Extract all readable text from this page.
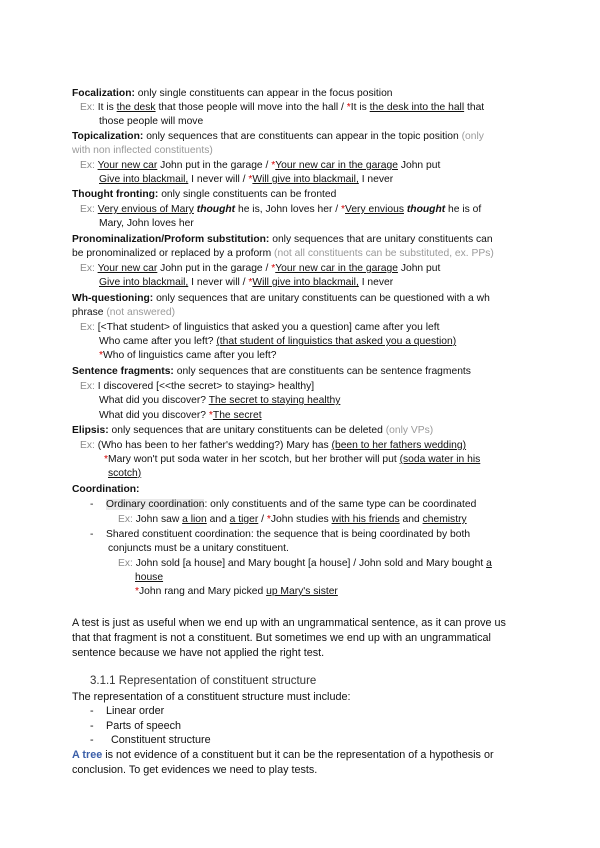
Focalization: only single constituents can appear in the focus position
Ex: It is the desk that those people will move into the hall / *It is the desk into the hall that
those people will move
Topicalization: only sequences that are constituents can appear in the topic position (only
with non inflected constituents)
Ex: Your new car John put in the garage / *Your new car in the garage John put
Give into blackmail, I never will / *Will give into blackmail, I never
Thought fronting: only single constituents can be fronted
Ex: Very envious of Mary thought he is, John loves her / *Very envious thought he is of
Mary, John loves her
Pronominalization/Proform substitution: only sequences that are unitary constituents can
be pronominalized or replaced by a proform (not all constituents can be substituted, ex. PPs)
Ex: Your new car John put in the garage / *Your new car in the garage John put
Give into blackmail, I never will / *Will give into blackmail, I never
Wh-questioning: only sequences that are unitary constituents can be questioned with a wh
phrase (not answered)
Ex: [<That student> of linguistics that asked you a question] came after you left
Who came after you left? (that student of linguistics that asked you a question)
*Who of linguistics came after you left?
Sentence fragments: only sequences that are constituents can be sentence fragments
Ex: I discovered [<<the secret> to staying> healthy]
What did you discover? The secret to staying healthy
What did you discover? *The secret
Elipsis: only sequences that are unitary constituents can be deleted (only VPs)
Ex: (Who has been to her father's wedding?) Mary has (been to her fathers wedding)
*Mary won't put soda water in her scotch, but her brother will put (soda water in his
scotch)
Coordination:
- Ordinary coordination: only constituents and of the same type can be coordinated
Ex: John saw a lion and a tiger / *John studies with his friends and chemistry
- Shared constituent coordination: the sequence that is being coordinated by both
conjuncts must be a unitary constituent.
Ex: John sold [a house] and Mary bought [a house] / John sold and Mary bought a
house
*John rang and Mary picked up Mary's sister
A test is just as useful when we end up with an ungrammatical sentence, as it can prove us
that that fragment is not a constituent. But sometimes we end up with an ungrammatical
sentence because we have not applied the right test.
3.1.1 Representation of constituent structure
The representation of a constituent structure must include:
- Linear order
- Parts of speech
- Constituent structure
A tree is not evidence of a constituent but it can be the representation of a hypothesis or
conclusion. To get evidences we need to play tests.
